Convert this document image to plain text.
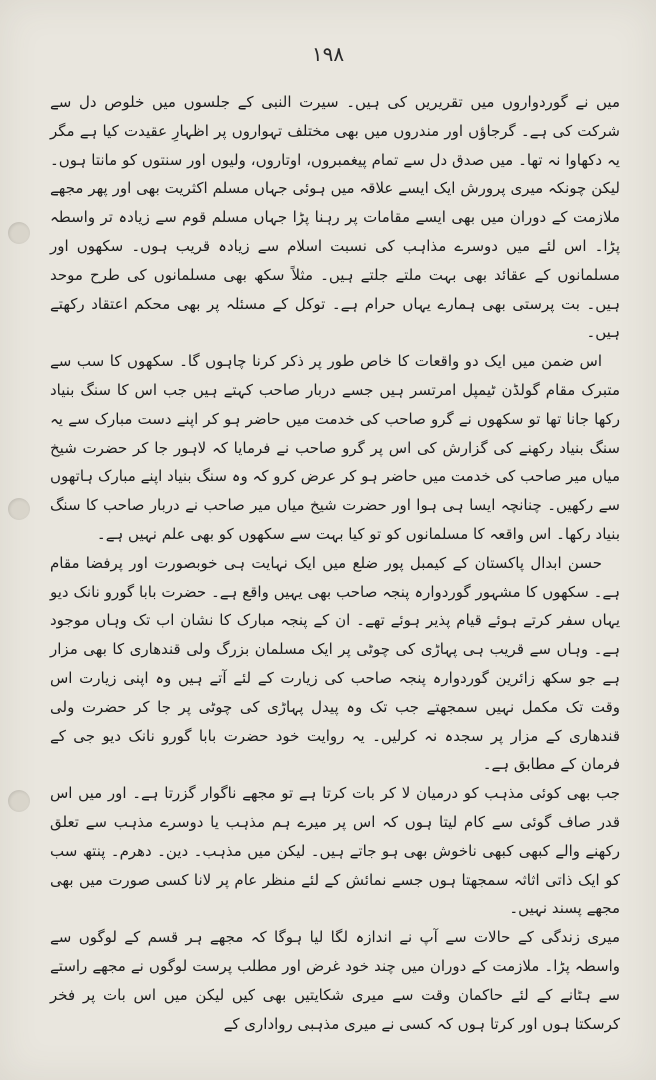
۱۹۸

میں نے گوردواروں میں تقریریں کی ہیں۔ سیرت النبی کے جلسوں میں خلوص دل سے شرکت کی ہے۔ گرجاؤں اور مندروں میں بھی مختلف تہواروں پر اظہارِ عقیدت کیا ہے مگر یہ دکھاوا نہ تھا۔ میں صدق دل سے تمام پیغمبروں، اوتاروں، ولیوں اور سنتوں کو مانتا ہوں۔ لیکن چونکہ میری پرورش ایک ایسے علاقہ میں ہوئی جہاں مسلم اکثریت بھی اور پھر مجھے ملازمت کے دوران میں بھی ایسے مقامات پر رہنا پڑا جہاں مسلم قوم سے زیادہ تر واسطہ پڑا۔ اس لئے میں دوسرے مذاہب کی نسبت اسلام سے زیادہ قریب ہوں۔ سکھوں اور مسلمانوں کے عقائد بھی بہت ملتے جلتے ہیں۔ مثلاً سکھ بھی مسلمانوں کی طرح موحد ہیں۔ بت پرستی بھی ہمارے یہاں حرام ہے۔ توکل کے مسئلہ پر بھی محکم اعتقاد رکھتے ہیں۔

اس ضمن میں ایک دو واقعات کا خاص طور پر ذکر کرنا چاہوں گا۔ سکھوں کا سب سے متبرک مقام گولڈن ٹیمپل امرتسر ہیں جسے دربار صاحب کہتے ہیں جب اس کا سنگ بنیاد رکھا جانا تھا تو سکھوں نے گرو صاحب کی خدمت میں حاضر ہو کر اپنے دست مبارک سے یہ سنگ بنیاد رکھنے کی گزارش کی اس پر گرو صاحب نے فرمایا کہ لاہور جا کر حضرت شیخ میاں میر صاحب کی خدمت میں حاضر ہو کر عرض کرو کہ وہ سنگ بنیاد اپنے مبارک ہاتھوں سے رکھیں۔ چنانچہ ایسا ہی ہوا اور حضرت شیخ میاں میر صاحب نے دربار صاحب کا سنگ بنیاد رکھا۔ اس واقعہ کا مسلمانوں کو تو کیا بہت سے سکھوں کو بھی علم نہیں ہے۔

حسن ابدال پاکستان کے کیمبل پور ضلع میں ایک نہایت ہی خوبصورت اور پرفضا مقام ہے۔ سکھوں کا مشہور گوردوارہ پنجہ صاحب بھی یہیں واقع ہے۔ حضرت بابا گورو نانک دیو یہاں سفر کرتے ہوئے قیام پذیر ہوئے تھے۔ ان کے پنجہ مبارک کا نشان اب تک وہاں موجود ہے۔ وہاں سے قریب ہی پہاڑی کی چوٹی پر ایک مسلمان بزرگ ولی قندھاری کا بھی مزار ہے جو سکھ زائرین گوردوارہ پنجہ صاحب کی زیارت کے لئے آتے ہیں وہ اپنی زیارت اس وقت تک مکمل نہیں سمجھتے جب تک وہ پیدل پہاڑی کی چوٹی پر جا کر حضرت ولی قندھاری کے مزار پر سجدہ نہ کرلیں۔ یہ روایت خود حضرت بابا گورو نانک دیو جی کے فرمان کے مطابق ہے۔

جب بھی کوئی مذہب کو درمیان لا کر بات کرتا ہے تو مجھے ناگوار گزرتا ہے۔ اور میں اس قدر صاف گوئی سے کام لیتا ہوں کہ اس پر میرے ہم مذہب یا دوسرے مذہب سے تعلق رکھنے والے کبھی کبھی ناخوش بھی ہو جاتے ہیں۔ لیکن میں مذہب۔ دین۔ دھرم۔ پنتھ سب کو ایک ذاتی اثاثہ سمجھتا ہوں جسے نمائش کے لئے منظر عام پر لانا کسی صورت میں بھی مجھے پسند نہیں۔

میری زندگی کے حالات سے آپ نے اندازہ لگا لیا ہوگا کہ مجھے ہر قسم کے لوگوں سے واسطہ پڑا۔ ملازمت کے دوران میں چند خود غرض اور مطلب پرست لوگوں نے مجھے راستے سے ہٹانے کے لئے حاکمان وقت سے میری شکایتیں بھی کیں لیکن میں اس بات پر فخر کرسکتا ہوں اور کرتا ہوں کہ کسی نے میری مذہبی رواداری کے
